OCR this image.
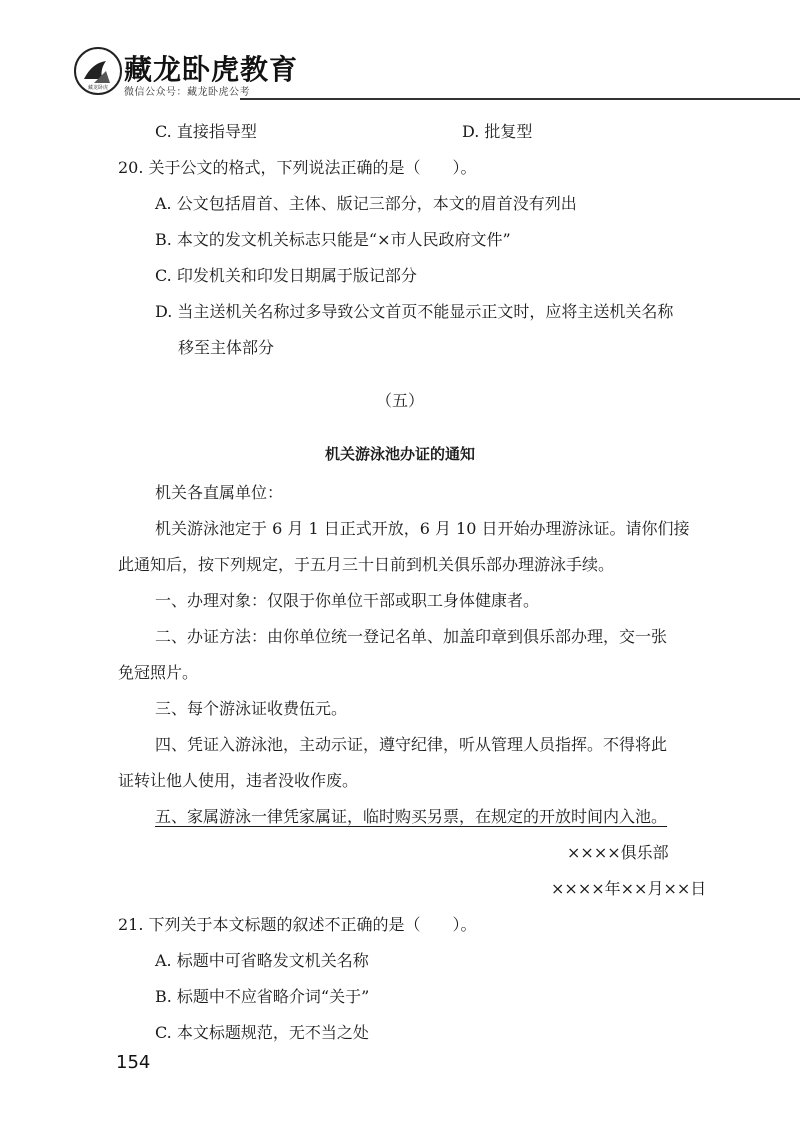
藏龙卧虎
藏龙卧虎教育
微信公众号：藏龙卧虎公考
C. 直接指导型	D. 批复型
20. 关于公文的格式，下列说法正确的是（　　）。
A. 公文包括眉首、主体、版记三部分，本文的眉首没有列出
B. 本文的发文机关标志只能是“×市人民政府文件”
C. 印发机关和印发日期属于版记部分
D. 当主送机关名称过多导致公文首页不能显示正文时，应将主送机关名称
移至主体部分
（五）
机关游泳池办证的通知
机关各直属单位：
机关游泳池定于 6 月 1 日正式开放，6 月 10 日开始办理游泳证。请你们接
此通知后，按下列规定，于五月三十日前到机关俱乐部办理游泳手续。
一、办理对象：仅限于你单位干部或职工身体健康者。
二、办证方法：由你单位统一登记名单、加盖印章到俱乐部办理，交一张
免冠照片。
三、每个游泳证收费伍元。
四、凭证入游泳池，主动示证，遵守纪律，听从管理人员指挥。不得将此
证转让他人使用，违者没收作废。
五、家属游泳一律凭家属证，临时购买另票，在规定的开放时间内入池。
××××俱乐部
××××年××月××日
21. 下列关于本文标题的叙述不正确的是（　　）。
A. 标题中可省略发文机关名称
B. 标题中不应省略介词“关于”
C. 本文标题规范，无不当之处
154
